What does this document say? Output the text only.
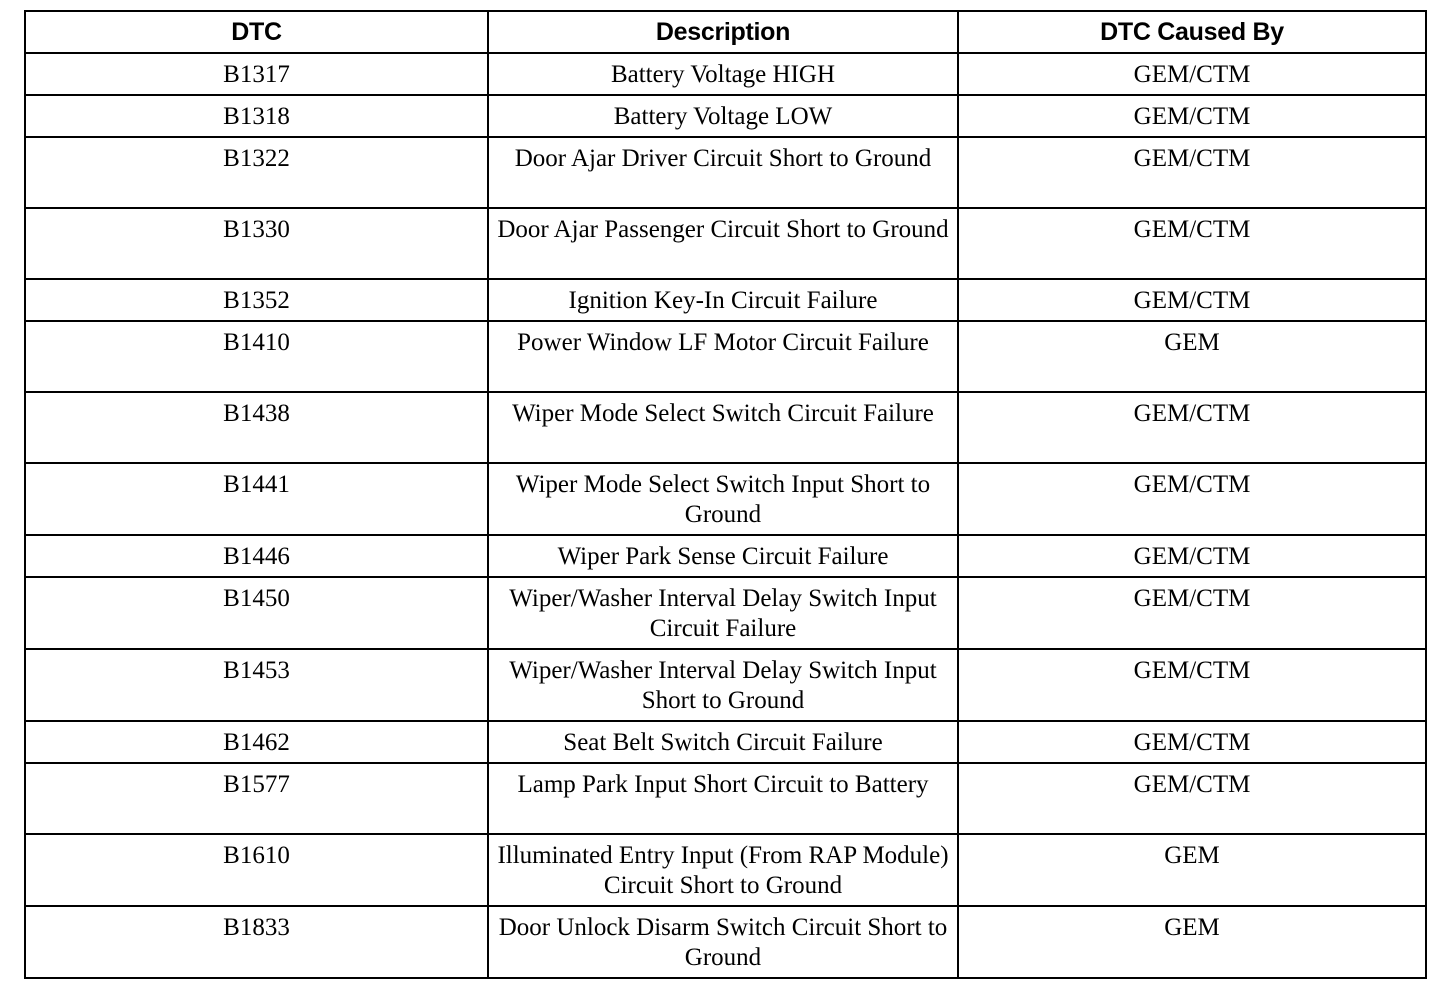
DTC	Description	DTC Caused By
B1317	Battery Voltage HIGH	GEM/CTM
B1318	Battery Voltage LOW	GEM/CTM
B1322	Door Ajar Driver Circuit Short to Ground	GEM/CTM
B1330	Door Ajar Passenger Circuit Short to Ground	GEM/CTM
B1352	Ignition Key-In Circuit Failure	GEM/CTM
B1410	Power Window LF Motor Circuit Failure	GEM
B1438	Wiper Mode Select Switch Circuit Failure	GEM/CTM
B1441	Wiper Mode Select Switch Input Short to Ground	GEM/CTM
B1446	Wiper Park Sense Circuit Failure	GEM/CTM
B1450	Wiper/Washer Interval Delay Switch Input Circuit Failure	GEM/CTM
B1453	Wiper/Washer Interval Delay Switch Input Short to Ground	GEM/CTM
B1462	Seat Belt Switch Circuit Failure	GEM/CTM
B1577	Lamp Park Input Short Circuit to Battery	GEM/CTM
B1610	Illuminated Entry Input (From RAP Module) Circuit Short to Ground	GEM
B1833	Door Unlock Disarm Switch Circuit Short to Ground	GEM
